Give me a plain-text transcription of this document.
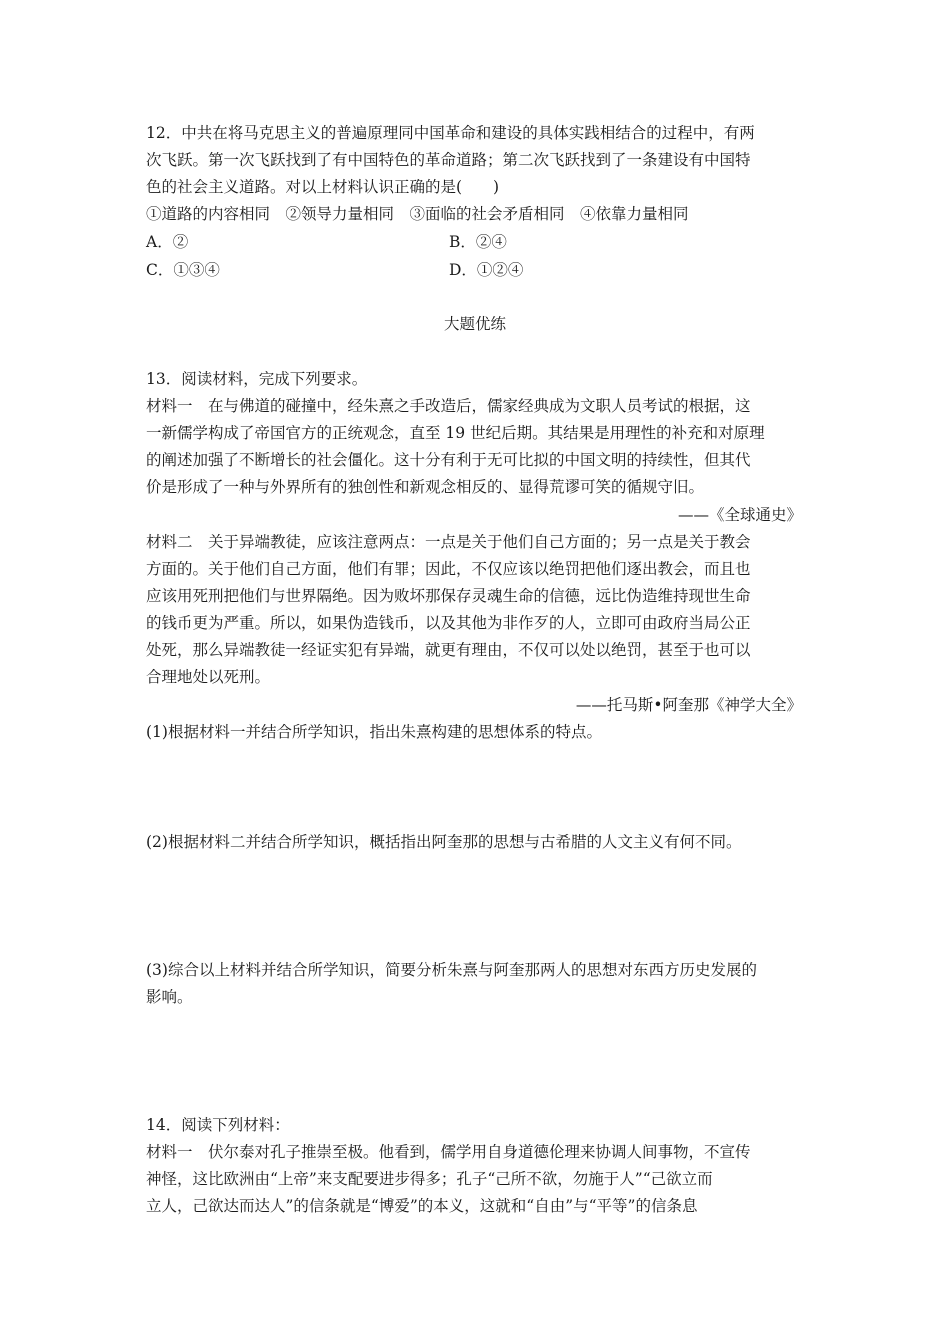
12．中共在将马克思主义的普遍原理同中国革命和建设的具体实践相结合的过程中，有两
次飞跃。第一次飞跃找到了有中国特色的革命道路；第二次飞跃找到了一条建设有中国特
色的社会主义道路。对以上材料认识正确的是(　　)
①道路的内容相同　②领导力量相同　③面临的社会矛盾相同　④依靠力量相同
A．②	B．②④
C．①③④	D．①②④
大题优练
13．阅读材料，完成下列要求。
材料一　在与佛道的碰撞中，经朱熹之手改造后，儒家经典成为文职人员考试的根据，这
一新儒学构成了帝国官方的正统观念，直至 19 世纪后期。其结果是用理性的补充和对原理
的阐述加强了不断增长的社会僵化。这十分有利于无可比拟的中国文明的持续性，但其代
价是形成了一种与外界所有的独创性和新观念相反的、显得荒谬可笑的循规守旧。
——《全球通史》
材料二　关于异端教徒，应该注意两点：一点是关于他们自己方面的；另一点是关于教会
方面的。关于他们自己方面，他们有罪；因此，不仅应该以绝罚把他们逐出教会，而且也
应该用死刑把他们与世界隔绝。因为败坏那保存灵魂生命的信德，远比伪造维持现世生命
的钱币更为严重。所以，如果伪造钱币，以及其他为非作歹的人，立即可由政府当局公正
处死，那么异端教徒一经证实犯有异端，就更有理由，不仅可以处以绝罚，甚至于也可以
合理地处以死刑。
——托马斯•阿奎那《神学大全》
(1)根据材料一并结合所学知识，指出朱熹构建的思想体系的特点。
(2)根据材料二并结合所学知识，概括指出阿奎那的思想与古希腊的人文主义有何不同。
(3)综合以上材料并结合所学知识，简要分析朱熹与阿奎那两人的思想对东西方历史发展的
影响。
14．阅读下列材料：
材料一　伏尔泰对孔子推崇至极。他看到，儒学用自身道德伦理来协调人间事物，不宣传
神怪，这比欧洲由“上帝”来支配要进步得多；孔子“己所不欲，勿施于人”“己欲立而
立人，己欲达而达人”的信条就是“博爱”的本义，这就和“自由”与“平等”的信条息
